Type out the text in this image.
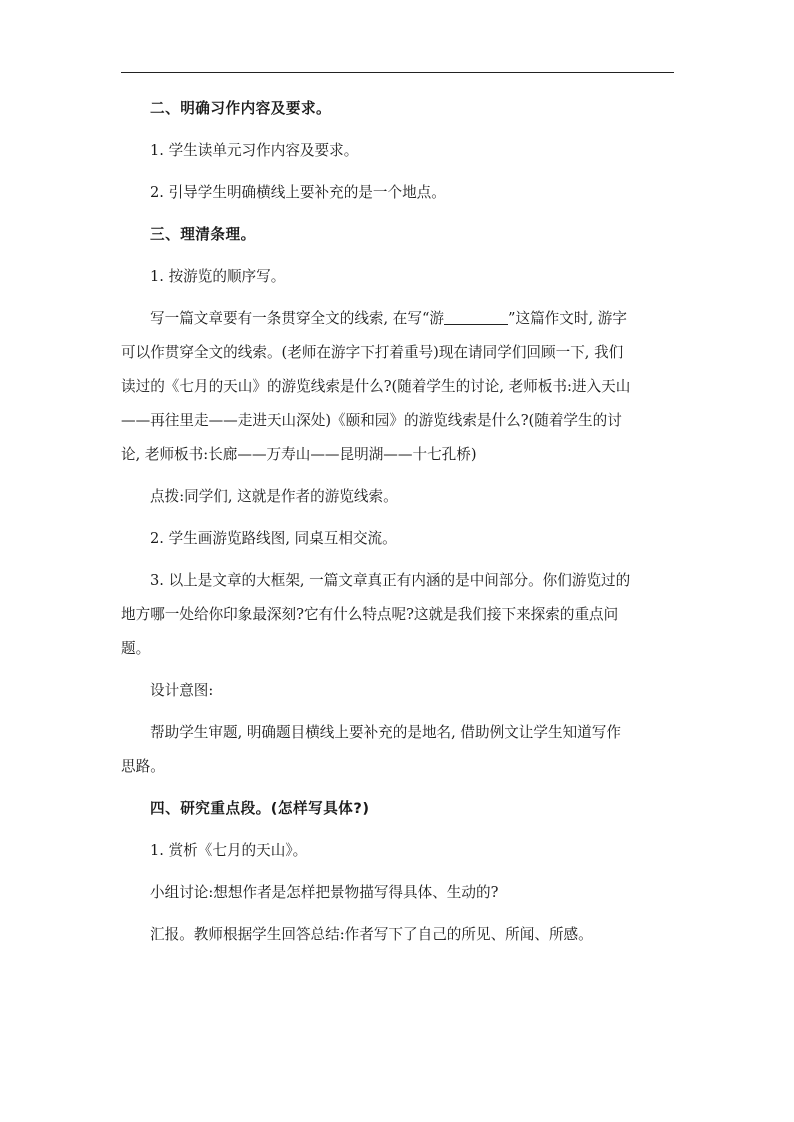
二、明确习作内容及要求。

1. 学生读单元习作内容及要求。

2. 引导学生明确横线上要补充的是一个地点。

三、理清条理。

1. 按游览的顺序写。

写一篇文章要有一条贯穿全文的线索, 在写“游	”这篇作文时, 游字

可以作贯穿全文的线索。(老师在游字下打着重号)现在请同学们回顾一下, 我们

读过的《七月的天山》的游览线索是什么?(随着学生的讨论, 老师板书:进入天山

——再往里走——走进天山深处)《颐和园》的游览线索是什么?(随着学生的讨

论, 老师板书:长廊——万寿山——昆明湖——十七孔桥)

点拨:同学们, 这就是作者的游览线索。

2. 学生画游览路线图, 同桌互相交流。

3. 以上是文章的大框架, 一篇文章真正有内涵的是中间部分。你们游览过的

地方哪一处给你印象最深刻?它有什么特点呢?这就是我们接下来探索的重点问

题。

设计意图:

帮助学生审题, 明确题目横线上要补充的是地名, 借助例文让学生知道写作

思路。

四、研究重点段。(怎样写具体?)

1. 赏析《七月的天山》。

小组讨论:想想作者是怎样把景物描写得具体、生动的?

汇报。教师根据学生回答总结:作者写下了自己的所见、所闻、所感。
